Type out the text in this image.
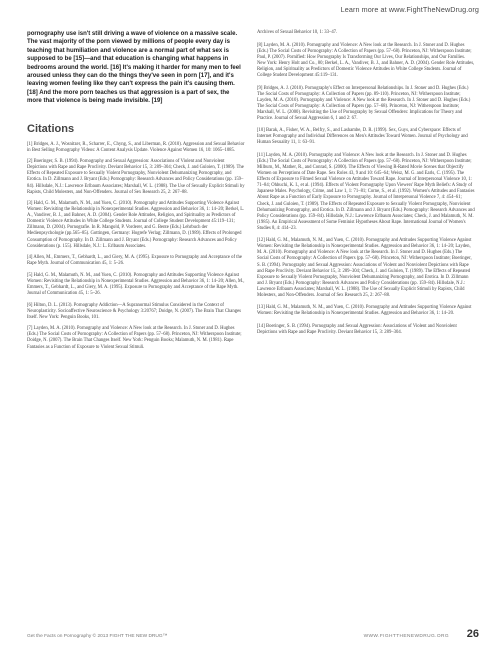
Learn more at www.FightTheNewDrug.org

pornography use isn't still driving a wave of violence on a massive scale. The vast majority of the porn viewed by millions of people every day is teaching that humiliation and violence are a normal part of what sex is supposed to be [15]—and that education is changing what happens in bedrooms around the world. [16] It's making it harder for many men to feel aroused unless they can do the things they've seen in porn [17], and it's leaving women feeling like they can't express the pain it's causing them. [18] And the more porn teaches us that aggression is a part of sex, the more that violence is being made invisible. [19]

Citations

[1] Bridges, A. J., Wosnitzer, R., Scharrer, E., Chyng, S., and Liberman, R. (2010). Aggression and Sexual Behavior in Best Selling Pornography Videos: A Content Analysis Update. Violence Against Women 16, 10: 1065–1085.

[2] Boeringer, S. B. (1994). Pornography and Sexual Aggression: Associations of Violent and Nonviolent Depictions with Rape and Rape Proclivity. Deviant Behavior 15, 3: 289–304; Check, J. and Guloien, T. (1989). The Effects of Repeated Exposure to Sexually Violent Pornography, Nonviolent Dehumanizing Pornography, and Erotica. In D. Zillmann and J. Bryant (Eds.) Pornography: Research Advances and Policy Considerations (pp. 159–84). Hillsdale, N.J.: Lawrence Erlbaum Associates; Marshall, W. L. (1988). The Use of Sexually Explicit Stimuli by Rapists, Child Molesters, and Non-Offenders. Journal of Sex Research 25, 2: 267–88.

[3] Hald, G. M., Malamuth, N. M., and Yuen, C. (2010). Pornography and Attitudes Supporting Violence Against Women: Revisiting the Relationship in Nonexperimental Studies. Aggression and Behavior 36, 1: 14–20; Berkel, L. A., Vandiver, B. J., and Bahner, A. D. (2004). Gender Role Attitudes, Religion, and Spirituality as Predictors of Domestic Violence Attitudes in White College Students. Journal of College Student Development 45:119–131; Zillmann, D. (2004). Pornografie. In R. Mangold, P. Vorderer, and G. Bente (Eds.) Lehrbuch der Medienpsychologie (pp.565–85). Gottingen, Germany: Hogrefe Verlag; Zillmann, D. (1989). Effects of Prolonged Consumption of Pornography. In D. Zillmann and J. Bryant (Eds.) Pornography: Research Advances and Policy Considerations (p. 155). Hillsdale, N.J.: L. Erlbaum Associates.

[4] Allen, M., Emmers, T., Gebhardt, L., and Giery, M. A. (1995). Exposure to Pornography and Acceptance of the Rape Myth. Journal of Communication 45, 1: 5–26.

[5] Hald, G. M., Malamuth, N. M., and Yuen, C. (2010). Pornography and Attitudes Supporting Violence Against Women: Revisiting the Relationship in Nonexperimental Studies. Aggression and Behavior 36, 1: 14–20; Allen, M., Emmers, T., Gebhardt, L., and Giery, M. A. (1995). Exposure to Pornography and Acceptance of the Rape Myth. Journal of Communication 45, 1: 5–26.

[6] Hilton, D. L. (2013). Pornography Addiction—A Supranormal Stimulus Considered in the Context of Neuroplasticity. Socioaffective Neuroscience & Psychology 3:20767; Doidge, N. (2007). The Brain That Changes Itself. New York: Penguin Books, 101.

[7] Layden, M. A. (2010). Pornography and Violence: A New look at the Research. In J. Stoner and D. Hughes (Eds.) The Social Costs of Pornography: A Collection of Papers (pp. 57–68). Princeton, NJ: Witherspoon Institute; Doidge, N. (2007). The Brain That Changes Itself. New York: Penguin Books; Malamuth, N. M. (1981). Rape Fantasies as a Function of Exposure to Violent Sexual Stimuli.

Archives of Sexual Behavior 10, 1: 33–47.

[8] Layden, M. A. (2010). Pornography and Violence: A New look at the Research. In J. Stoner and D. Hughes (Eds.) The Social Costs of Pornography: A Collection of Papers (pp. 57–68). Princeton, NJ: Witherspoon Institute; Paul, P. (2007). Pornified: How Pornography Is Transforming Our Lives, Our Relationships, and Our Families. New York: Henry Holt and Co., 80; Berkel, L. A., Vandiver, B. J., and Bahner, A. D. (2004). Gender Role Attitudes, Religion, and Spirituality as Predictors of Domestic Violence Attitudes in White College Students. Journal of College Student Development 45:119–131.

[9] Bridges, A. J. (2010). Pornography's Effect on Interpersonal Relationships. In J. Stoner and D. Hughes (Eds.) The Social Costs of Pornography: A Collection of Papers (pp. 89-110). Princeton, NJ: Witherspoon Institute; Layden, M. A. (2010). Pornography and Violence: A New look at the Research. In J. Stoner and D. Hughes (Eds.) The Social Costs of Pornography: A Collection of Papers (pp. 57–68). Princeton, NJ: Witherspoon Institute; Marshall, W. L. (2000). Revisiting the Use of Pornography by Sexual Offenders: Implications for Theory and Practice. Journal of Sexual Aggression 6, 1 and 2: 67.

[10] Barak, A., Fisher, W. A., Belfry, S., and Lashambe, D. R. (1999). Sex, Guys, and Cyberspace: Effects of Internet Pornography and Individual Differences on Men's Attitudes Toward Women. Journal of Psychology and Human Sexuality 11, 1: 63–91.

[11] Layden, M. A. (2010). Pornography and Violence: A New look at the Research. In J. Stoner and D. Hughes (Eds.) The Social Costs of Pornography: A Collection of Papers (pp. 57–68). Princeton, NJ: Witherspoon Institute; Milburn, M., Mather, R., and Conrad, S. (2000). The Effects of Viewing R-Rated Movie Scenes that Objectify Women on Perceptions of Date Rape. Sex Roles 43, 9 and 10: 645–64; Weisz, M. G. and Earls, C. (1995). The Effects of Exposure to Filmed Sexual Violence on Attitudes Toward Rape. Journal of Interpersonal Violence 10, 1: 71–84; Ohbuchi, K. I., et al. (1994). Effects of Violent Pornography Upon Viewers' Rape Myth Beliefs: A Study of Japanese Males. Psychology, Crime, and Law 1, 1: 71–81; Corne, S., et al. (1992). Women's Attitudes and Fantasies About Rape as a Function of Early Exposure to Pornography. Journal of Interpersonal Violence 7, 4: 454–61; Check, J. and Guloien, T. (1989). The Effects of Repeated Exposure to Sexually Violent Pornography, Nonviolent Dehumanizing Pornography, and Erotica. In D. Zillmann and J. Bryant (Eds.) Pornography: Research Advances and Policy Considerations (pp. 159–84). Hillsdale, N.J.: Lawrence Erlbaum Associates; Check, J. and Malamuth, N. M. (1985). An Empirical Assessment of Some Feminist Hypotheses About Rape. International Journal of Women's Studies 8, 4: 414–23.

[12] Hald, G. M., Malamuth, N. M., and Yuen, C. (2010). Pornography and Attitudes Supporting Violence Against Women: Revisiting the Relationship in Nonexperimental Studies. Aggression and Behavior 36, 1: 14–20; Layden, M. A. (2010). Pornography and Violence: A New look at the Research. In J. Stoner and D. Hughes (Eds.) The Social Costs of Pornography: A Collection of Papers (pp. 57–68). Princeton, NJ: Witherspoon Institute; Boeringer, S. B. (1994). Pornography and Sexual Aggression: Associations of Violent and Nonviolent Depictions with Rape and Rape Proclivity. Deviant Behavior 15, 3: 289–304; Check, J. and Guloien, T. (1989). The Effects of Repeated Exposure to Sexually Violent Pornography, Nonviolent Dehumanizing Pornography, and Erotica. In D. Zillmann and J. Bryant (Eds.) Pornography: Research Advances and Policy Considerations (pp. 159–84). Hillsdale, N.J.: Lawrence Erlbaum Associates; Marshall, W. L. (1988). The Use of Sexually Explicit Stimuli by Rapists, Child Molesters, and Non-Offenders. Journal of Sex Research 25, 2: 267–88.

[13] Hald, G. M., Malamuth, N. M., and Yuen, C. (2010). Pornography and Attitudes Supporting Violence Against Women: Revisiting the Relationship in Nonexperimental Studies. Aggression and Behavior 36, 1: 14–20.

[14] Boeringer, S. B. (1994). Pornography and Sexual Aggression: Associations of Violent and Nonviolent Depictions with Rape and Rape Proclivity. Deviant Behavior 15, 3: 289–304.

Get the Facts on Pornography © 2013 FIGHT THE NEW DRUG™	WWW.FIGHTTHENEWDRUG.ORG 26
